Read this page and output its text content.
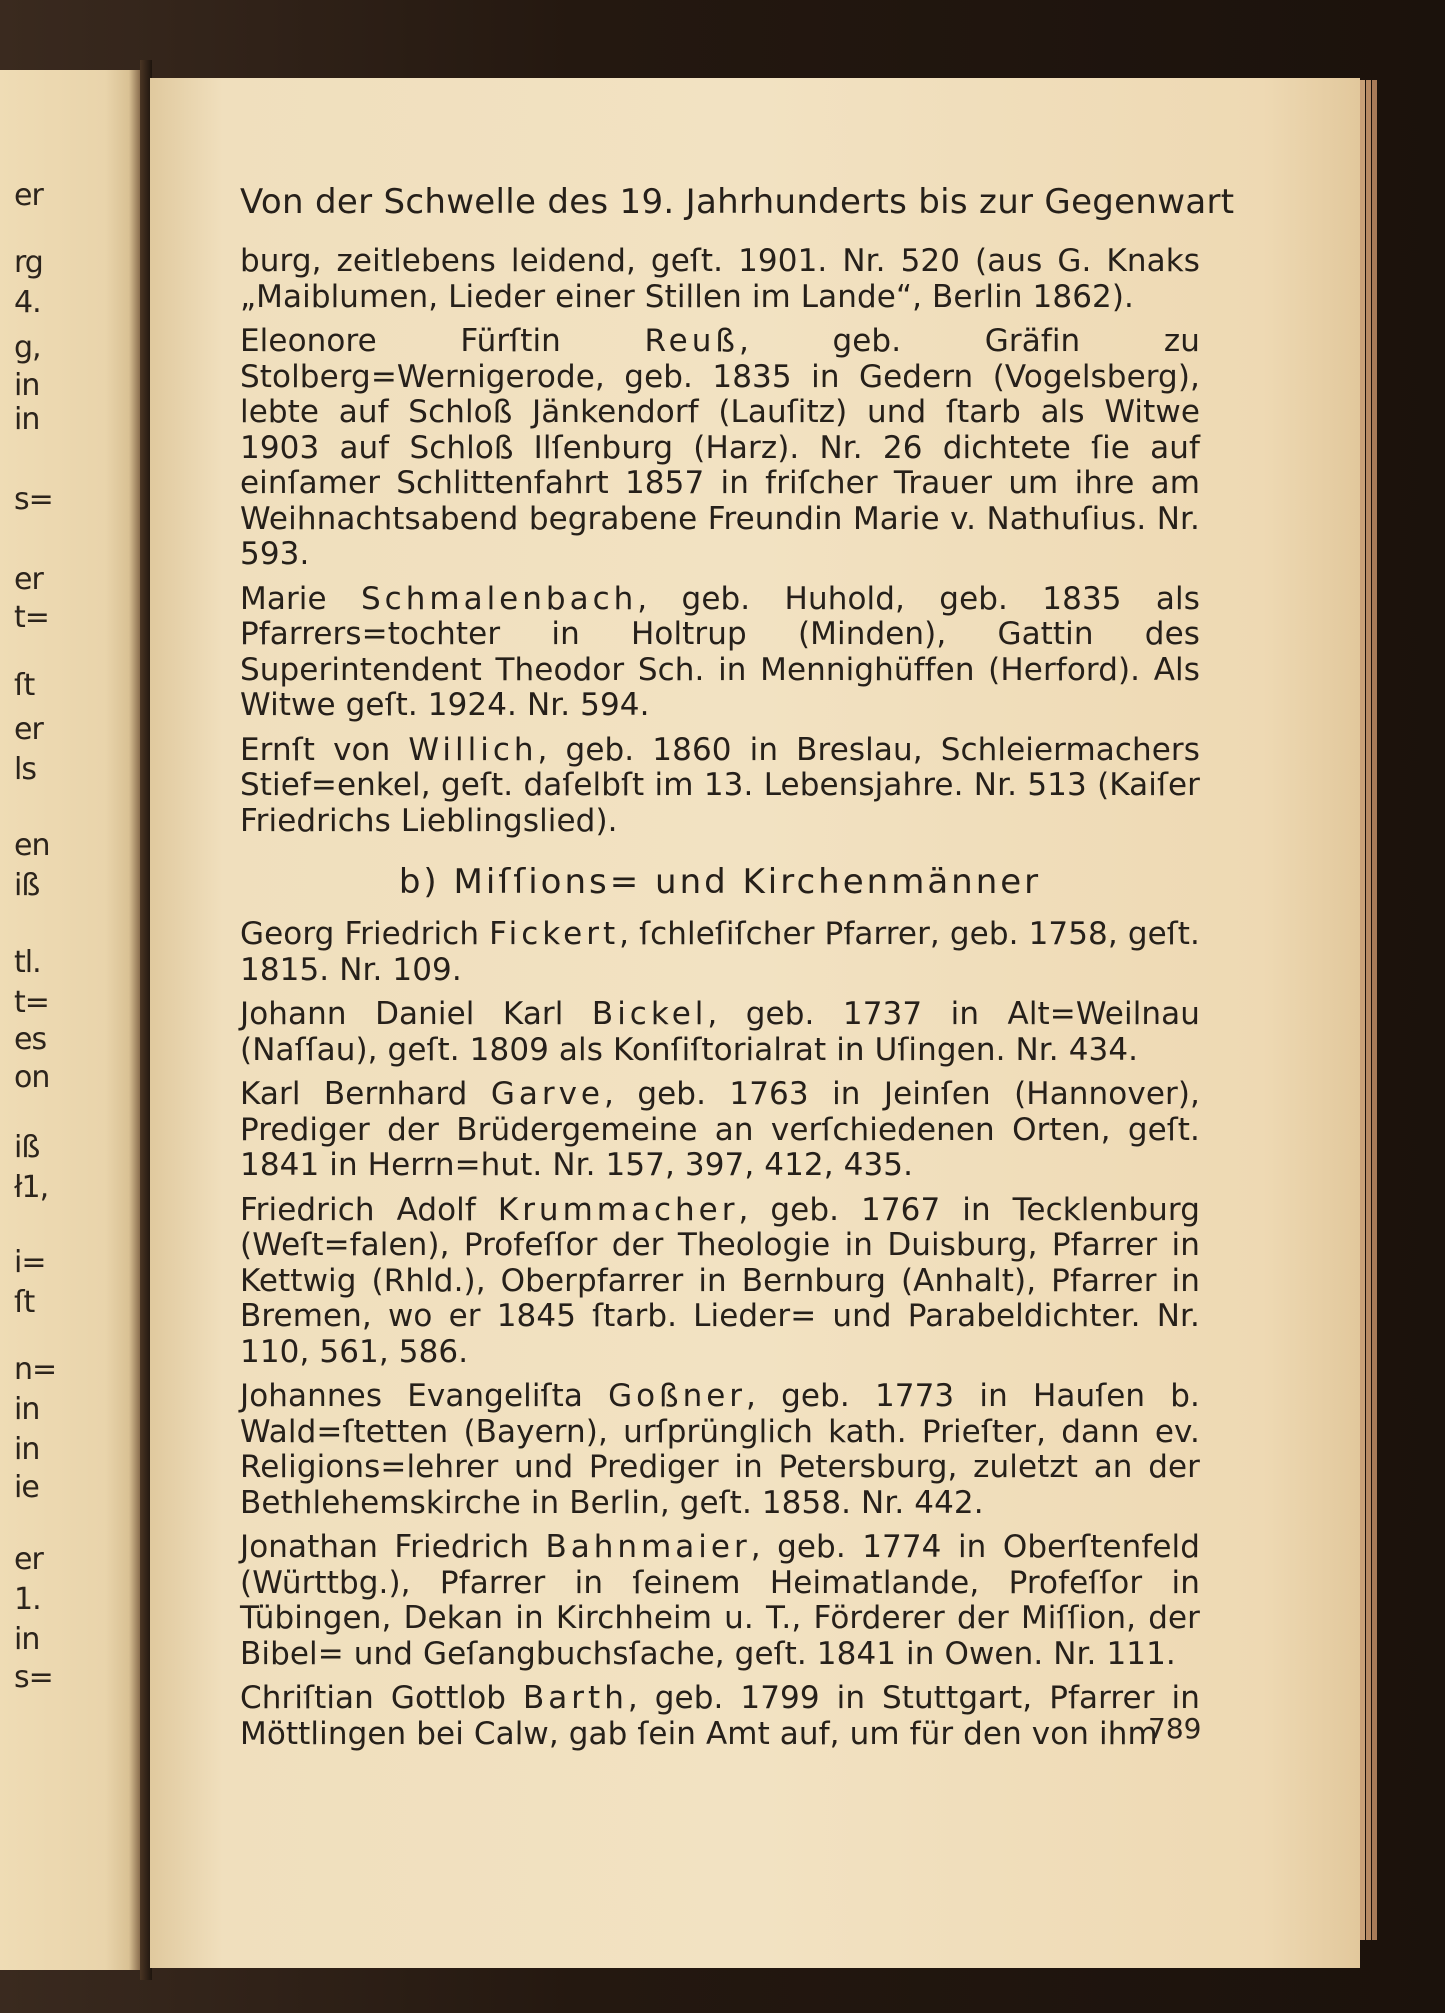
er
rg
4.
g,
in
in
s=
er
t=
ſt
er
ls
en
iß
tl.
t=
es
on
iß
ł1,
i=
ſt
n=
in
in
ie
er
1.
in
s=
Von der Schwelle des 19. Jahrhunderts bis zur Gegenwart
burg, zeitlebens leidend, geſt. 1901. Nr. 520 (aus G. Knaks „Maiblumen, Lieder einer Stillen im Lande“, Berlin 1862).
Eleonore Fürſtin Reuß, geb. Gräfin zu Stolberg=Wernigerode, geb. 1835 in Gedern (Vogelsberg), lebte auf Schloß Jänkendorf (Lauſitz) und ſtarb als Witwe 1903 auf Schloß Ilſenburg (Harz). Nr. 26 dichtete ſie auf einſamer Schlittenfahrt 1857 in friſcher Trauer um ihre am Weihnachtsabend begrabene Freundin Marie v. Nathuſius. Nr. 593.
Marie Schmalenbach, geb. Huhold, geb. 1835 als Pfarrers=tochter in Holtrup (Minden), Gattin des Superintendent Theodor Sch. in Mennighüffen (Herford). Als Witwe geſt. 1924. Nr. 594.
Ernſt von Willich, geb. 1860 in Breslau, Schleiermachers Stief=enkel, geſt. daſelbſt im 13. Lebensjahre. Nr. 513 (Kaiſer Friedrichs Lieblingslied).
b) Miſſions= und Kirchenmänner
Georg Friedrich Fickert, ſchleſiſcher Pfarrer, geb. 1758, geſt. 1815. Nr. 109.
Johann Daniel Karl Bickel, geb. 1737 in Alt=Weilnau (Naſſau), geſt. 1809 als Konſiſtorialrat in Uſingen. Nr. 434.
Karl Bernhard Garve, geb. 1763 in Jeinſen (Hannover), Prediger der Brüdergemeine an verſchiedenen Orten, geſt. 1841 in Herrn=hut. Nr. 157, 397, 412, 435.
Friedrich Adolf Krummacher, geb. 1767 in Tecklenburg (Weſt=falen), Profeſſor der Theologie in Duisburg, Pfarrer in Kettwig (Rhld.), Oberpfarrer in Bernburg (Anhalt), Pfarrer in Bremen, wo er 1845 ſtarb. Lieder= und Parabeldichter. Nr. 110, 561, 586.
Johannes Evangeliſta Goßner, geb. 1773 in Hauſen b. Wald=ſtetten (Bayern), urſprünglich kath. Prieſter, dann ev. Religions=lehrer und Prediger in Petersburg, zuletzt an der Bethlehemskirche in Berlin, geſt. 1858. Nr. 442.
Jonathan Friedrich Bahnmaier, geb. 1774 in Oberſtenfeld (Württbg.), Pfarrer in ſeinem Heimatlande, Profeſſor in Tübingen, Dekan in Kirchheim u. T., Förderer der Miſſion, der Bibel= und Geſangbuchsſache, geſt. 1841 in Owen. Nr. 111.
Chriſtian Gottlob Barth, geb. 1799 in Stuttgart, Pfarrer in Möttlingen bei Calw, gab ſein Amt auf, um für den von ihm
789
